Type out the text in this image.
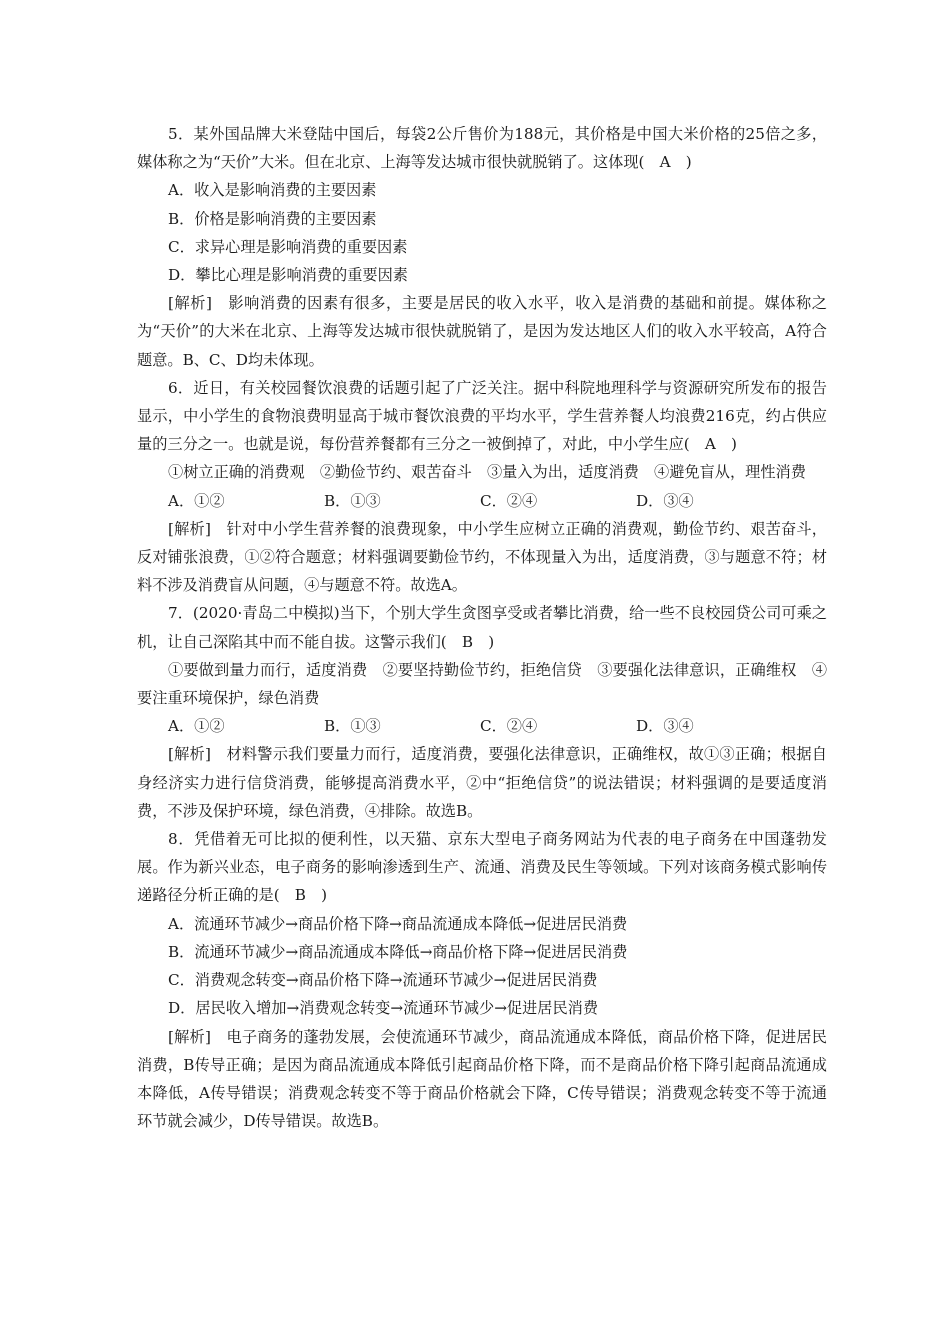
5．某外国品牌大米登陆中国后，每袋2公斤售价为188元，其价格是中国大米价格的25倍之多，媒体称之为“天价”大米。但在北京、上海等发达城市很快就脱销了。这体现(　A　)

A．收入是影响消费的主要因素

B．价格是影响消费的主要因素

C．求异心理是影响消费的重要因素

D．攀比心理是影响消费的重要因素

[解析]　影响消费的因素有很多，主要是居民的收入水平，收入是消费的基础和前提。媒体称之为“天价”的大米在北京、上海等发达城市很快就脱销了，是因为发达地区人们的收入水平较高，A符合题意。B、C、D均未体现。

6．近日，有关校园餐饮浪费的话题引起了广泛关注。据中科院地理科学与资源研究所发布的报告显示，中小学生的食物浪费明显高于城市餐饮浪费的平均水平，学生营养餐人均浪费216克，约占供应量的三分之一。也就是说，每份营养餐都有三分之一被倒掉了，对此，中小学生应(　A　)

①树立正确的消费观　②勤俭节约、艰苦奋斗　③量入为出，适度消费　④避免盲从，理性消费

A．①②	B．①③	C．②④	D．③④

[解析]　针对中小学生营养餐的浪费现象，中小学生应树立正确的消费观，勤俭节约、艰苦奋斗，反对铺张浪费，①②符合题意；材料强调要勤俭节约，不体现量入为出，适度消费，③与题意不符；材料不涉及消费盲从问题，④与题意不符。故选A。

7．(2020·青岛二中模拟)当下，个别大学生贪图享受或者攀比消费，给一些不良校园贷公司可乘之机，让自己深陷其中而不能自拔。这警示我们(　B　)

①要做到量力而行，适度消费　②要坚持勤俭节约，拒绝信贷　③要强化法律意识，正确维权　④要注重环境保护，绿色消费

A．①②	B．①③	C．②④	D．③④

[解析]　材料警示我们要量力而行，适度消费，要强化法律意识，正确维权，故①③正确；根据自身经济实力进行信贷消费，能够提高消费水平，②中“拒绝信贷”的说法错误；材料强调的是要适度消费，不涉及保护环境，绿色消费，④排除。故选B。

8．凭借着无可比拟的便利性，以天猫、京东大型电子商务网站为代表的电子商务在中国蓬勃发展。作为新兴业态，电子商务的影响渗透到生产、流通、消费及民生等领域。下列对该商务模式影响传递路径分析正确的是(　B　)

A．流通环节减少→商品价格下降→商品流通成本降低→促进居民消费

B．流通环节减少→商品流通成本降低→商品价格下降→促进居民消费

C．消费观念转变→商品价格下降→流通环节减少→促进居民消费

D．居民收入增加→消费观念转变→流通环节减少→促进居民消费

[解析]　电子商务的蓬勃发展，会使流通环节减少，商品流通成本降低，商品价格下降，促进居民消费，B传导正确；是因为商品流通成本降低引起商品价格下降，而不是商品价格下降引起商品流通成本降低，A传导错误；消费观念转变不等于商品价格就会下降，C传导错误；消费观念转变不等于流通环节就会减少，D传导错误。故选B。
